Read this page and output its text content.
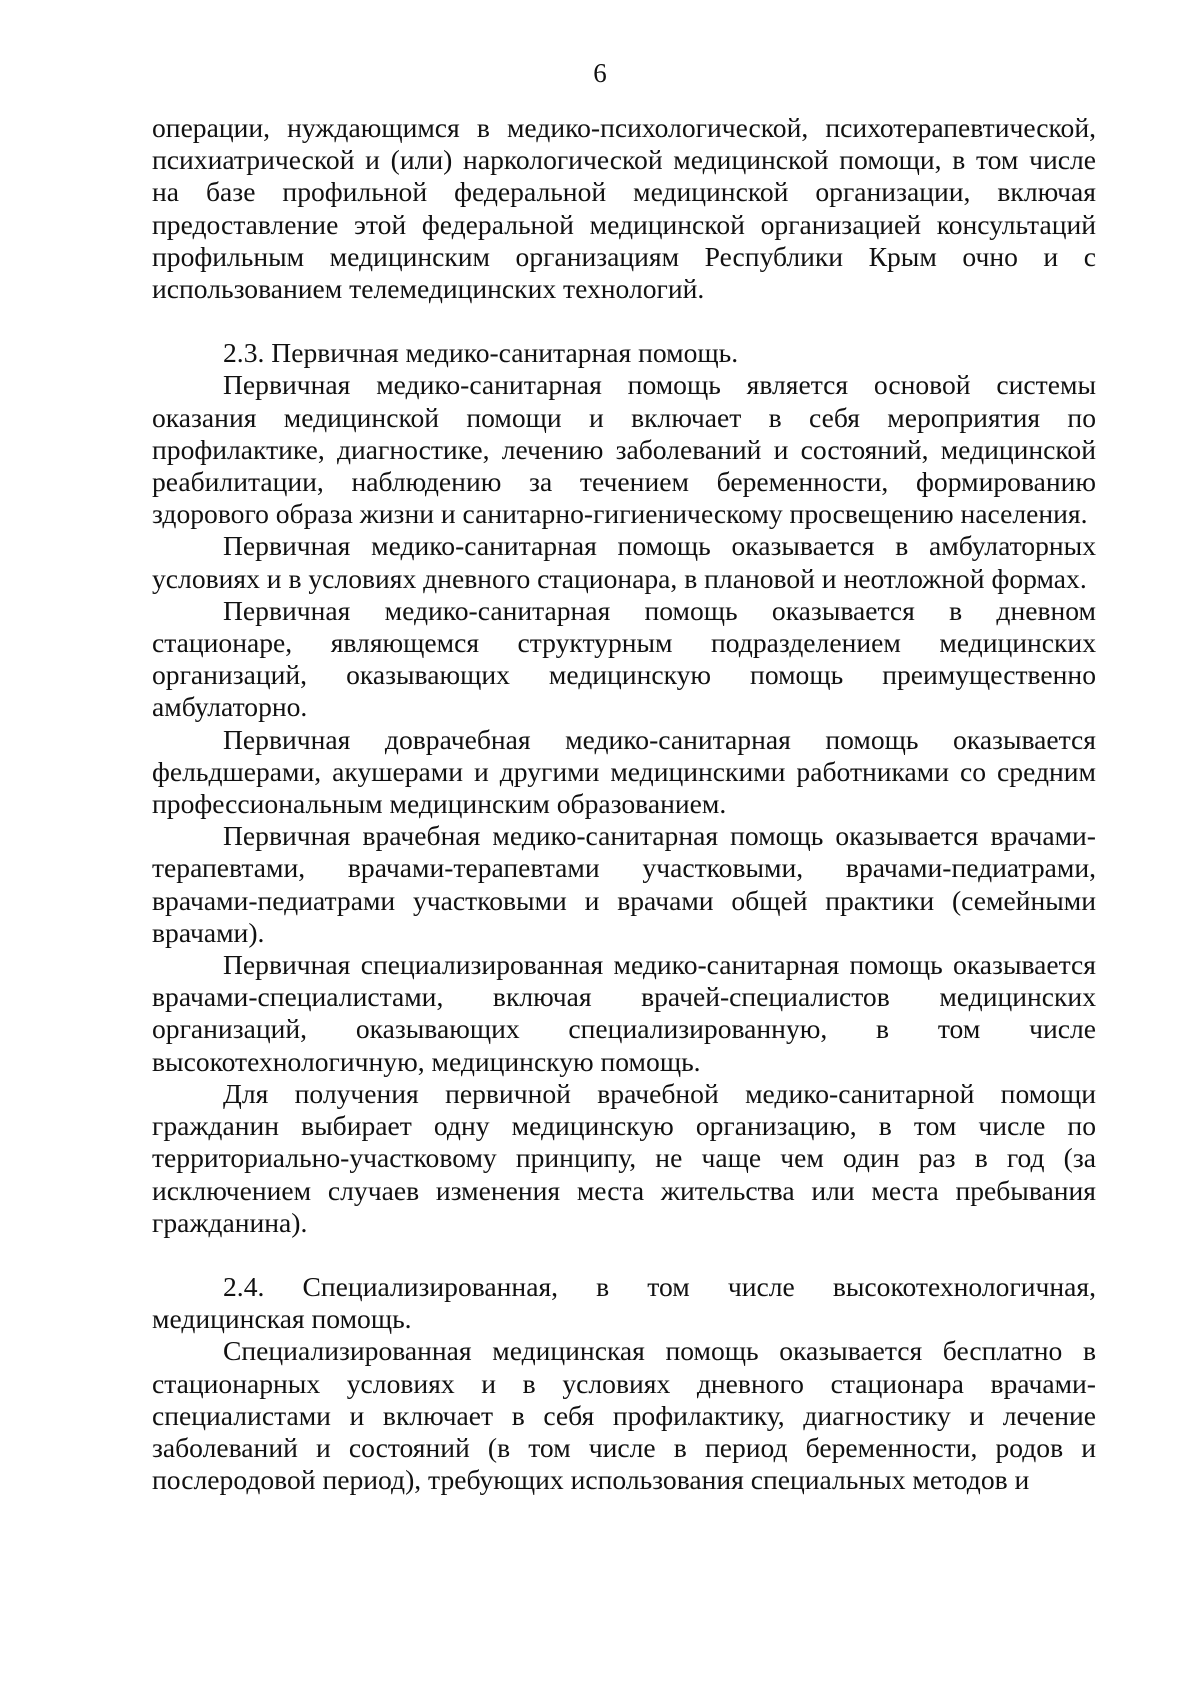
6

операции, нуждающимся в медико-психологической, психотерапевтической, психиатрической и (или) наркологической медицинской помощи, в том числе на базе профильной федеральной медицинской организации, включая предоставление этой федеральной медицинской организацией консультаций профильным медицинским организациям Республики Крым очно и с использованием телемедицинских технологий.

2.3. Первичная медико-санитарная помощь.

Первичная медико-санитарная помощь является основой системы оказания медицинской помощи и включает в себя мероприятия по профилактике, диагностике, лечению заболеваний и состояний, медицинской реабилитации, наблюдению за течением беременности, формированию здорового образа жизни и санитарно-гигиеническому просвещению населения.

Первичная медико-санитарная помощь оказывается в амбулаторных условиях и в условиях дневного стационара, в плановой и неотложной формах.

Первичная медико-санитарная помощь оказывается в дневном стационаре, являющемся структурным подразделением медицинских организаций, оказывающих медицинскую помощь преимущественно амбулаторно.

Первичная доврачебная медико-санитарная помощь оказывается фельдшерами, акушерами и другими медицинскими работниками со средним профессиональным медицинским образованием.

Первичная врачебная медико-санитарная помощь оказывается врачами-терапевтами, врачами-терапевтами участковыми, врачами-педиатрами, врачами-педиатрами участковыми и врачами общей практики (семейными врачами).

Первичная специализированная медико-санитарная помощь оказывается врачами-специалистами, включая врачей-специалистов медицинских организаций, оказывающих специализированную, в том числе высокотехнологичную, медицинскую помощь.

Для получения первичной врачебной медико-санитарной помощи гражданин выбирает одну медицинскую организацию, в том числе по территориально-участковому принципу, не чаще чем один раз в год (за исключением случаев изменения места жительства или места пребывания гражданина).

2.4. Специализированная, в том числе высокотехнологичная, медицинская помощь.

Специализированная медицинская помощь оказывается бесплатно в стационарных условиях и в условиях дневного стационара врачами-специалистами и включает в себя профилактику, диагностику и лечение заболеваний и состояний (в том числе в период беременности, родов и послеродовой период), требующих использования специальных методов и
